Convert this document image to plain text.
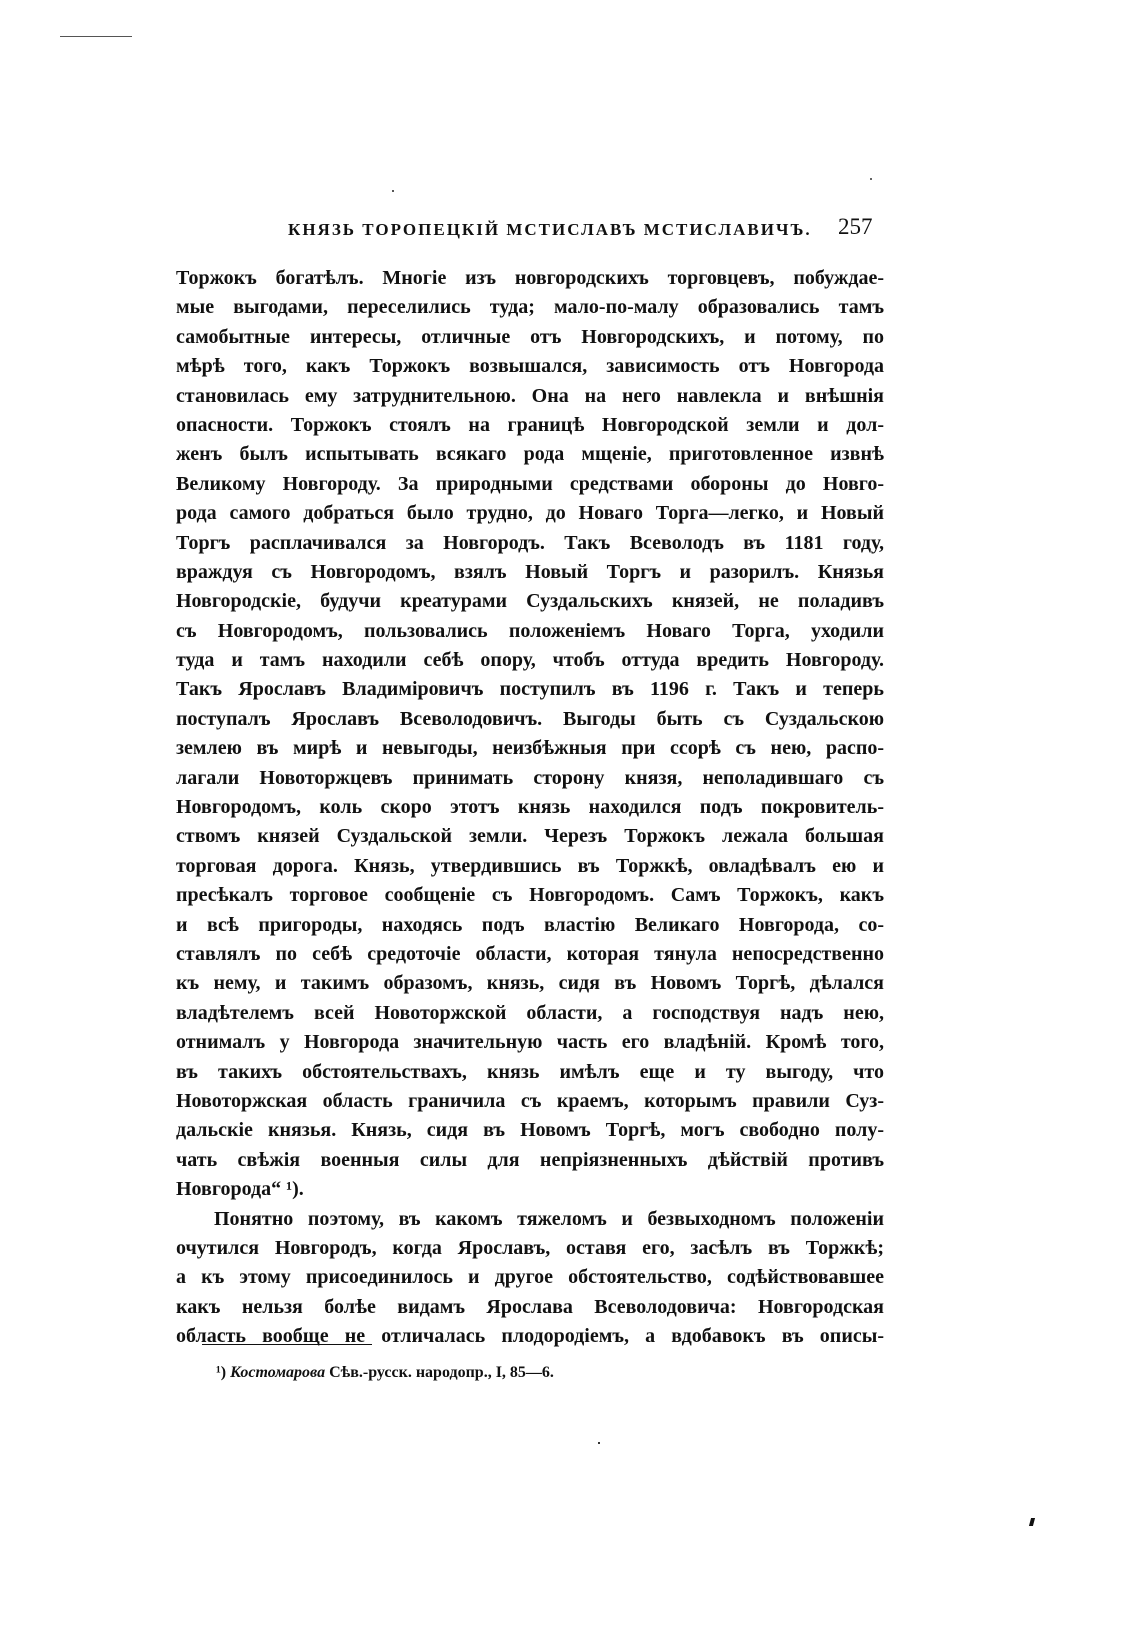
КНЯЗЬ ТОРОПЕЦКІЙ МСТИСЛАВЪ МСТИСЛАВИЧЪ. 257
Торжокъ богатѣлъ. Многіе изъ новгородскихъ торговцевъ, побуждае-
мые выгодами, переселились туда; мало-по-малу образовались тамъ
самобытные интересы, отличные отъ Новгородскихъ, и потому, по
мѣрѣ того, какъ Торжокъ возвышался, зависимость отъ Новгорода
становилась ему затруднительною. Она на него навлекла и внѣшнія
опасности. Торжокъ стоялъ на границѣ Новгородской земли и дол-
женъ былъ испытывать всякаго рода мщеніе, приготовленное извнѣ
Великому Новгороду. За природными средствами обороны до Новго-
рода самого добраться было трудно, до Новаго Торга—легко, и Новый
Торгъ расплачивался за Новгородъ. Такъ Всеволодъ въ 1181 году,
враждуя съ Новгородомъ, взялъ Новый Торгъ и разорилъ. Князья
Новгородскіе, будучи креатурами Суздальскихъ князей, не поладивъ
съ Новгородомъ, пользовались положеніемъ Новаго Торга, уходили
туда и тамъ находили себѣ опору, чтобъ оттуда вредить Новгороду.
Такъ Ярославъ Владиміровичъ поступилъ въ 1196 г. Такъ и теперь
поступалъ Ярославъ Всеволодовичъ. Выгоды быть съ Суздальскою
землею въ мирѣ и невыгоды, неизбѣжныя при ссорѣ съ нею, распо-
лагали Новоторжцевъ принимать сторону князя, неполадившаго съ
Новгородомъ, коль скоро этотъ князь находился подъ покровитель-
ствомъ князей Суздальской земли. Черезъ Торжокъ лежала большая
торговая дорога. Князь, утвердившись въ Торжкѣ, овладѣвалъ ею и
пресѣкалъ торговое сообщеніе съ Новгородомъ. Самъ Торжокъ, какъ
и всѣ пригороды, находясь подъ властію Великаго Новгорода, со-
ставлялъ по себѣ средоточіе области, которая тянула непосредственно
къ нему, и такимъ образомъ, князь, сидя въ Новомъ Торгѣ, дѣлался
владѣтелемъ всей Новоторжской области, а господствуя надъ нею,
отнималъ у Новгорода значительную часть его владѣній. Кромѣ того,
въ такихъ обстоятельствахъ, князь имѣлъ еще и ту выгоду, что
Новоторжская область граничила съ краемъ, которымъ правили Суз-
дальскіе князья. Князь, сидя въ Новомъ Торгѣ, могъ свободно полу-
чать свѣжія военныя силы для непріязненныхъ дѣйствій противъ
Новгорода“ ¹).
Понятно поэтому, въ какомъ тяжеломъ и безвыходномъ положеніи
очутился Новгородъ, когда Ярославъ, оставя его, засѣлъ въ Торжкѣ;
а къ этому присоединилось и другое обстоятельство, содѣйствовавшее
какъ нельзя болѣе видамъ Ярослава Всеволодовича: Новгородская
область вообще не отличалась плодородіемъ, а вдобавокъ въ описы-
¹) Костомарова Сѣв.-русск. народопр., I, 85—6.
